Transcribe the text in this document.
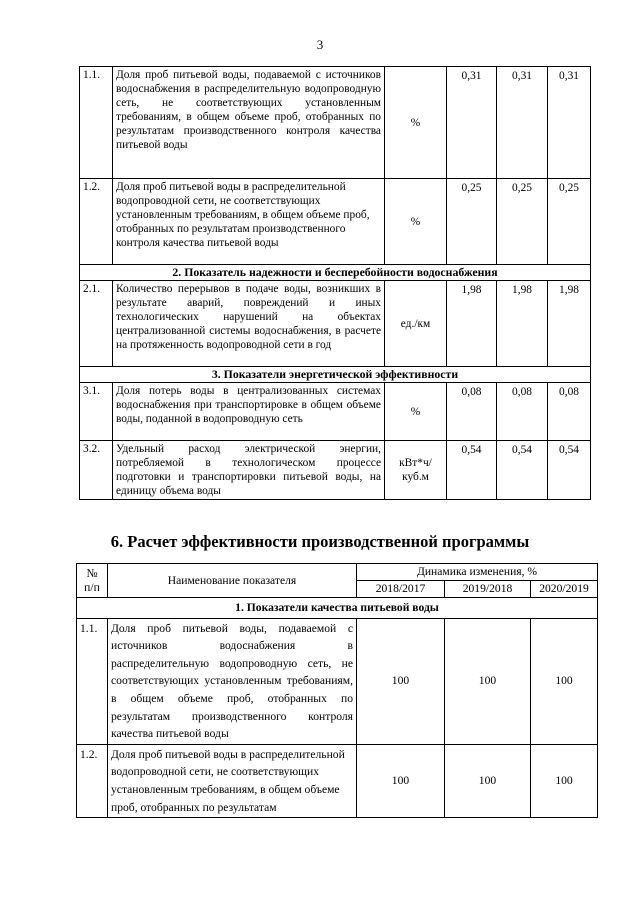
3
1.1.	Доля проб питьевой воды, подаваемой с источников водоснабжения в распределительную водопроводную сеть, не соответствующих установленным требованиям, в общем объеме проб, отобранных по результатам производственного контроля качества питьевой воды	%	0,31	0,31	0,31
1.2.	Доля проб питьевой воды в распределительной водопроводной сети, не соответствующих установленным требованиям, в общем объеме проб, отобранных по результатам производственного контроля качества питьевой воды	%	0,25	0,25	0,25
2. Показатель надежности и бесперебойности водоснабжения					
2.1.	Количество перерывов в подаче воды, возникших в результате аварий, повреждений и иных технологических нарушений на объектах централизованной системы водоснабжения, в расчете на протяженность водопроводной сети в год	ед./км	1,98	1,98	1,98
3. Показатели энергетической эффективности					
3.1.	Доля потерь воды в централизованных системах водоснабжения при транспортировке в общем объеме воды, поданной в водопроводную сеть	%	0,08	0,08	0,08
3.2.	Удельный расход электрической энергии, потребляемой в технологическом процессе подготовки и транспортировки питьевой воды, на единицу объема воды	кВт*ч/ куб.м	0,54	0,54	0,54
6. Расчет эффективности производственной программы
№
п/п	Наименование показателя	Динамика изменения, %		
		2018/2017	2019/2018	2020/2019
1. Показатели качества питьевой воды				
1.1.	Доля проб питьевой воды, подаваемой с источников водоснабжения в распределительную водопроводную сеть, не соответствующих установленным требованиям, в общем объеме проб, отобранных по результатам производственного контроля качества питьевой воды	100	100	100
1.2.	Доля проб питьевой воды в распределительной водопроводной сети, не соответствующих установленным требованиям, в общем объеме проб, отобранных по результатам	100	100	100
